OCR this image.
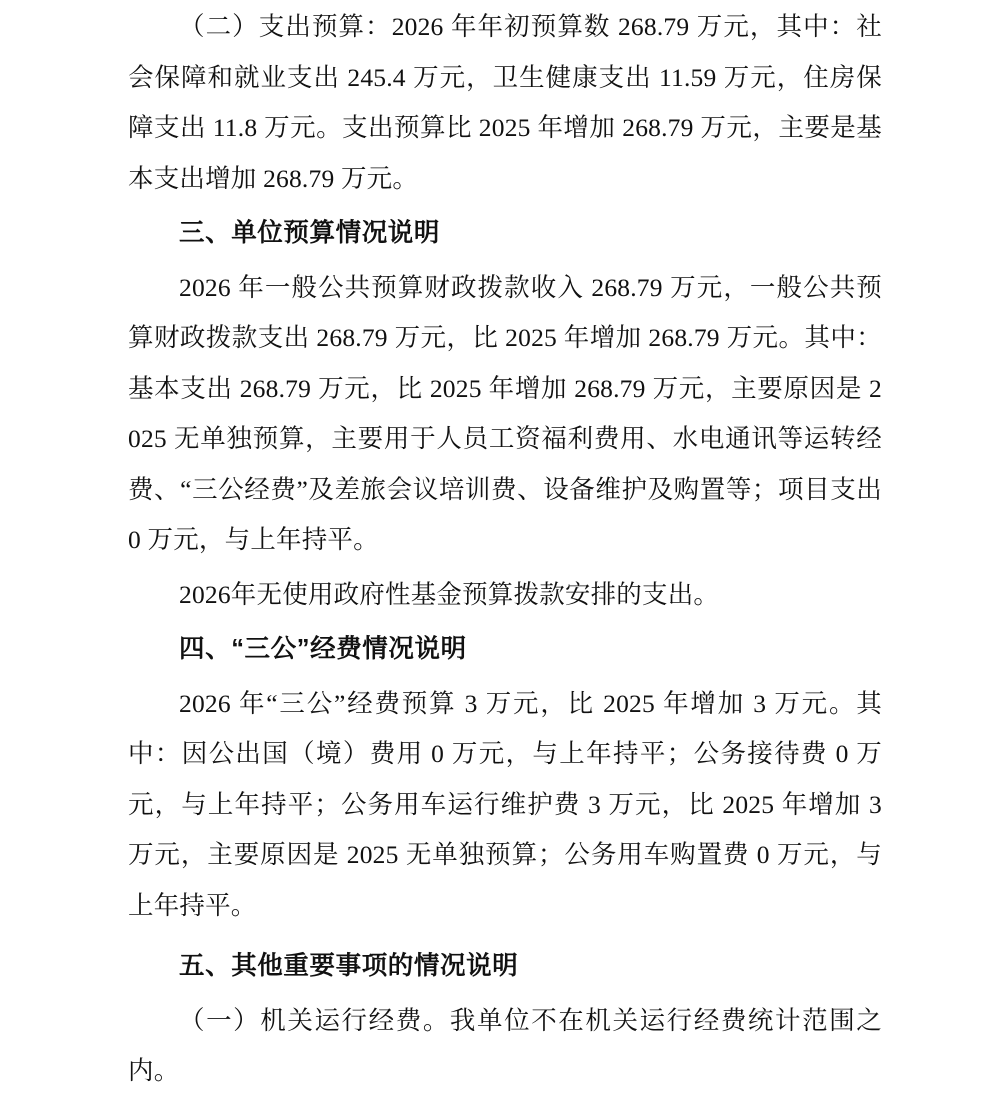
（二）支出预算：2026 年年初预算数 268.79 万元，其中：社会保障和就业支出 245.4 万元，卫生健康支出 11.59 万元，住房保障支出 11.8 万元。支出预算比 2025 年增加 268.79 万元，主要是基本支出增加 268.79 万元。

三、单位预算情况说明

2026 年一般公共预算财政拨款收入 268.79 万元，一般公共预算财政拨款支出 268.79 万元，比 2025 年增加 268.79 万元。其中：基本支出 268.79 万元，比 2025 年增加 268.79 万元，主要原因是 2025 无单独预算，主要用于人员工资福利费用、水电通讯等运转经费、“三公经费”及差旅会议培训费、设备维护及购置等；项目支出 0 万元，与上年持平。

2026年无使用政府性基金预算拨款安排的支出。

四、“三公”经费情况说明

2026 年“三公”经费预算 3 万元，比 2025 年增加 3 万元。其中：因公出国（境）费用 0 万元，与上年持平；公务接待费 0 万元，与上年持平；公务用车运行维护费 3 万元，比 2025 年增加 3 万元，主要原因是 2025 无单独预算；公务用车购置费 0 万元，与上年持平。

五、其他重要事项的情况说明

（一）机关运行经费。我单位不在机关运行经费统计范围之内。
